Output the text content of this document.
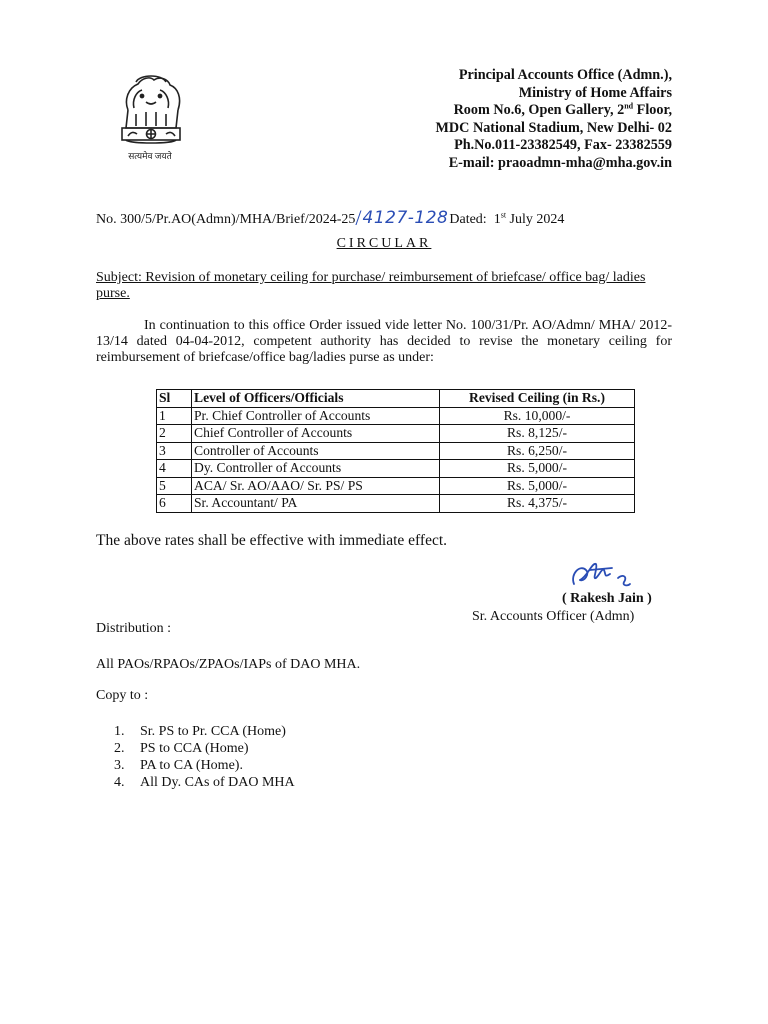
सत्यमेव जयते
Principal Accounts Office (Admn.),
Ministry of Home Affairs
Room No.6, Open Gallery, 2nd Floor,
MDC National Stadium, New Delhi- 02
Ph.No.011-23382549, Fax- 23382559
E-mail: praoadmn-mha@mha.gov.in
No. 300/5/Pr.AO(Admn)/MHA/Brief/2024-25/4127-128Dated: 1st July 2024
CIRCULAR
Subject: Revision of monetary ceiling for purchase/ reimbursement of briefcase/ office bag/ ladies purse.
In continuation to this office Order issued vide letter No. 100/31/Pr. AO/Admn/ MHA/ 2012-13/14 dated 04-04-2012, competent authority has decided to revise the monetary ceiling for reimbursement of briefcase/office bag/ladies purse as under:
Sl	Level of Officers/Officials	Revised Ceiling (in Rs.)
1	Pr. Chief Controller of Accounts	Rs. 10,000/-
2	Chief Controller of Accounts	Rs. 8,125/-
3	Controller of Accounts	Rs. 6,250/-
4	Dy. Controller of Accounts	Rs. 5,000/-
5	ACA/ Sr. AO/AAO/ Sr. PS/ PS	Rs. 5,000/-
6	Sr. Accountant/ PA	Rs. 4,375/-
The above rates shall be effective with immediate effect.
( Rakesh Jain )
Sr. Accounts Officer (Admn)
Distribution :
All PAOs/RPAOs/ZPAOs/IAPs of DAO MHA.
Copy to :
1. Sr. PS to Pr. CCA (Home)
2. PS to CCA (Home)
3. PA to CA (Home).
4. All Dy. CAs of DAO MHA
